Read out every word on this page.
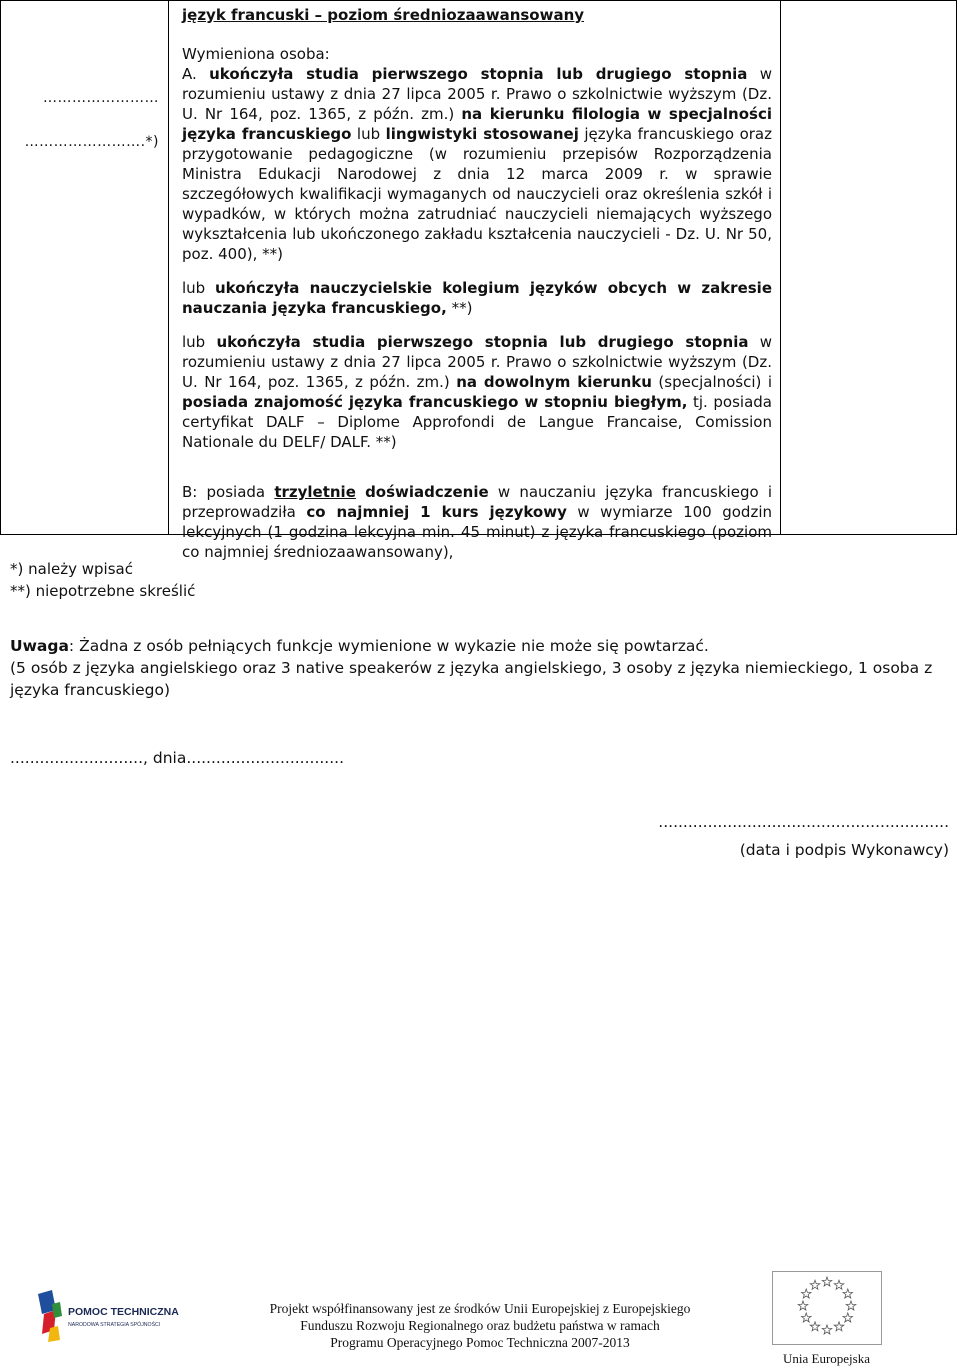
……………………
…………………….*)

język francuski – poziom średniozaawansowany

Wymieniona osoba:

A. ukończyła studia pierwszego stopnia lub drugiego stopnia w rozumieniu ustawy z dnia 27 lipca 2005 r. Prawo o szkolnictwie wyższym (Dz. U. Nr 164, poz. 1365, z późn. zm.) na kierunku filologia w specjalności języka francuskiego lub lingwistyki stosowanej języka francuskiego oraz przygotowanie pedagogiczne (w rozumieniu przepisów Rozporządzenia Ministra Edukacji Narodowej z dnia 12 marca 2009 r. w sprawie szczegółowych kwalifikacji wymaganych od nauczycieli oraz określenia szkół i wypadków, w których można zatrudniać nauczycieli niemających wyższego wykształcenia lub ukończonego zakładu kształcenia nauczycieli - Dz. U. Nr 50, poz. 400), **)

lub ukończyła nauczycielskie kolegium języków obcych w zakresie nauczania języka francuskiego, **)

lub ukończyła studia pierwszego stopnia lub drugiego stopnia w rozumieniu ustawy z dnia 27 lipca 2005 r. Prawo o szkolnictwie wyższym (Dz. U. Nr 164, poz. 1365, z późn. zm.) na dowolnym kierunku (specjalności) i posiada znajomość języka francuskiego w stopniu biegłym, tj. posiada certyfikat DALF – Diplome Approfondi de Langue Francaise, Comission Nationale du DELF/ DALF. **)

B: posiada trzyletnie doświadczenie w nauczaniu języka francuskiego i przeprowadziła co najmniej 1 kurs językowy w wymiarze 100 godzin lekcyjnych (1 godzina lekcyjna min. 45 minut) z języka francuskiego (poziom co najmniej średniozaawansowany),

*) należy wpisać
**) niepotrzebne skreślić

Uwaga: Żadna z osób pełniących funkcje wymienione w wykazie nie może się powtarzać.

(5 osób z języka angielskiego oraz 3 native speakerów z języka angielskiego, 3 osoby z języka niemieckiego, 1 osoba z języka francuskiego)

..........................., dnia................................
...........................................................
(data i podpis Wykonawcy)
POMOC TECHNICZNA
NARODOWA STRATEGIA SPÓJNOŚCI
Projekt współfinansowany jest ze środków Unii Europejskiej z Europejskiego
Funduszu Rozwoju Regionalnego oraz budżetu państwa w ramach
Programu Operacyjnego Pomoc Techniczna 2007-2013
Unia Europejska
